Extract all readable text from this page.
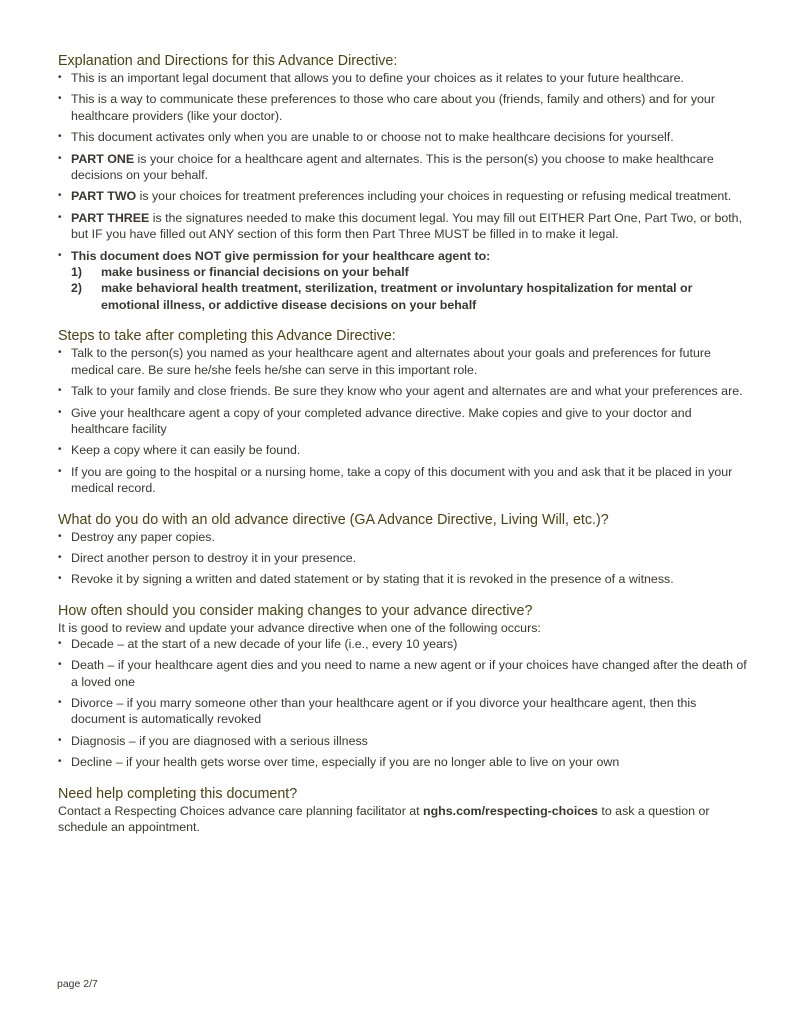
Explanation and Directions for this Advance Directive:
• This is an important legal document that allows you to define your choices as it relates to your future healthcare.
• This is a way to communicate these preferences to those who care about you (friends, family and others) and for your healthcare providers (like your doctor).
• This document activates only when you are unable to or choose not to make healthcare decisions for yourself.
• PART ONE is your choice for a healthcare agent and alternates. This is the person(s) you choose to make healthcare decisions on your behalf.
• PART TWO is your choices for treatment preferences including your choices in requesting or refusing medical treatment.
• PART THREE is the signatures needed to make this document legal. You may fill out EITHER Part One, Part Two, or both, but IF you have filled out ANY section of this form then Part Three MUST be filled in to make it legal.
• This document does NOT give permission for your healthcare agent to:
1) make business or financial decisions on your behalf
2) make behavioral health treatment, sterilization, treatment or involuntary hospitalization for mental or emotional illness, or addictive disease decisions on your behalf
Steps to take after completing this Advance Directive:
• Talk to the person(s) you named as your healthcare agent and alternates about your goals and preferences for future medical care. Be sure he/she feels he/she can serve in this important role.
• Talk to your family and close friends. Be sure they know who your agent and alternates are and what your preferences are.
• Give your healthcare agent a copy of your completed advance directive. Make copies and give to your doctor and healthcare facility
• Keep a copy where it can easily be found.
• If you are going to the hospital or a nursing home, take a copy of this document with you and ask that it be placed in your medical record.
What do you do with an old advance directive (GA Advance Directive, Living Will, etc.)?
• Destroy any paper copies.
• Direct another person to destroy it in your presence.
• Revoke it by signing a written and dated statement or by stating that it is revoked in the presence of a witness.
How often should you consider making changes to your advance directive?

It is good to review and update your advance directive when one of the following occurs:

• Decade – at the start of a new decade of your life (i.e., every 10 years)
• Death – if your healthcare agent dies and you need to name a new agent or if your choices have changed after the death of a loved one
• Divorce – if you marry someone other than your healthcare agent or if you divorce your healthcare agent, then this document is automatically revoked
• Diagnosis – if you are diagnosed with a serious illness
• Decline – if your health gets worse over time, especially if you are no longer able to live on your own
Need help completing this document?

Contact a Respecting Choices advance care planning facilitator at nghs.com/respecting-choices to ask a question or schedule an appointment.

page 2/7
